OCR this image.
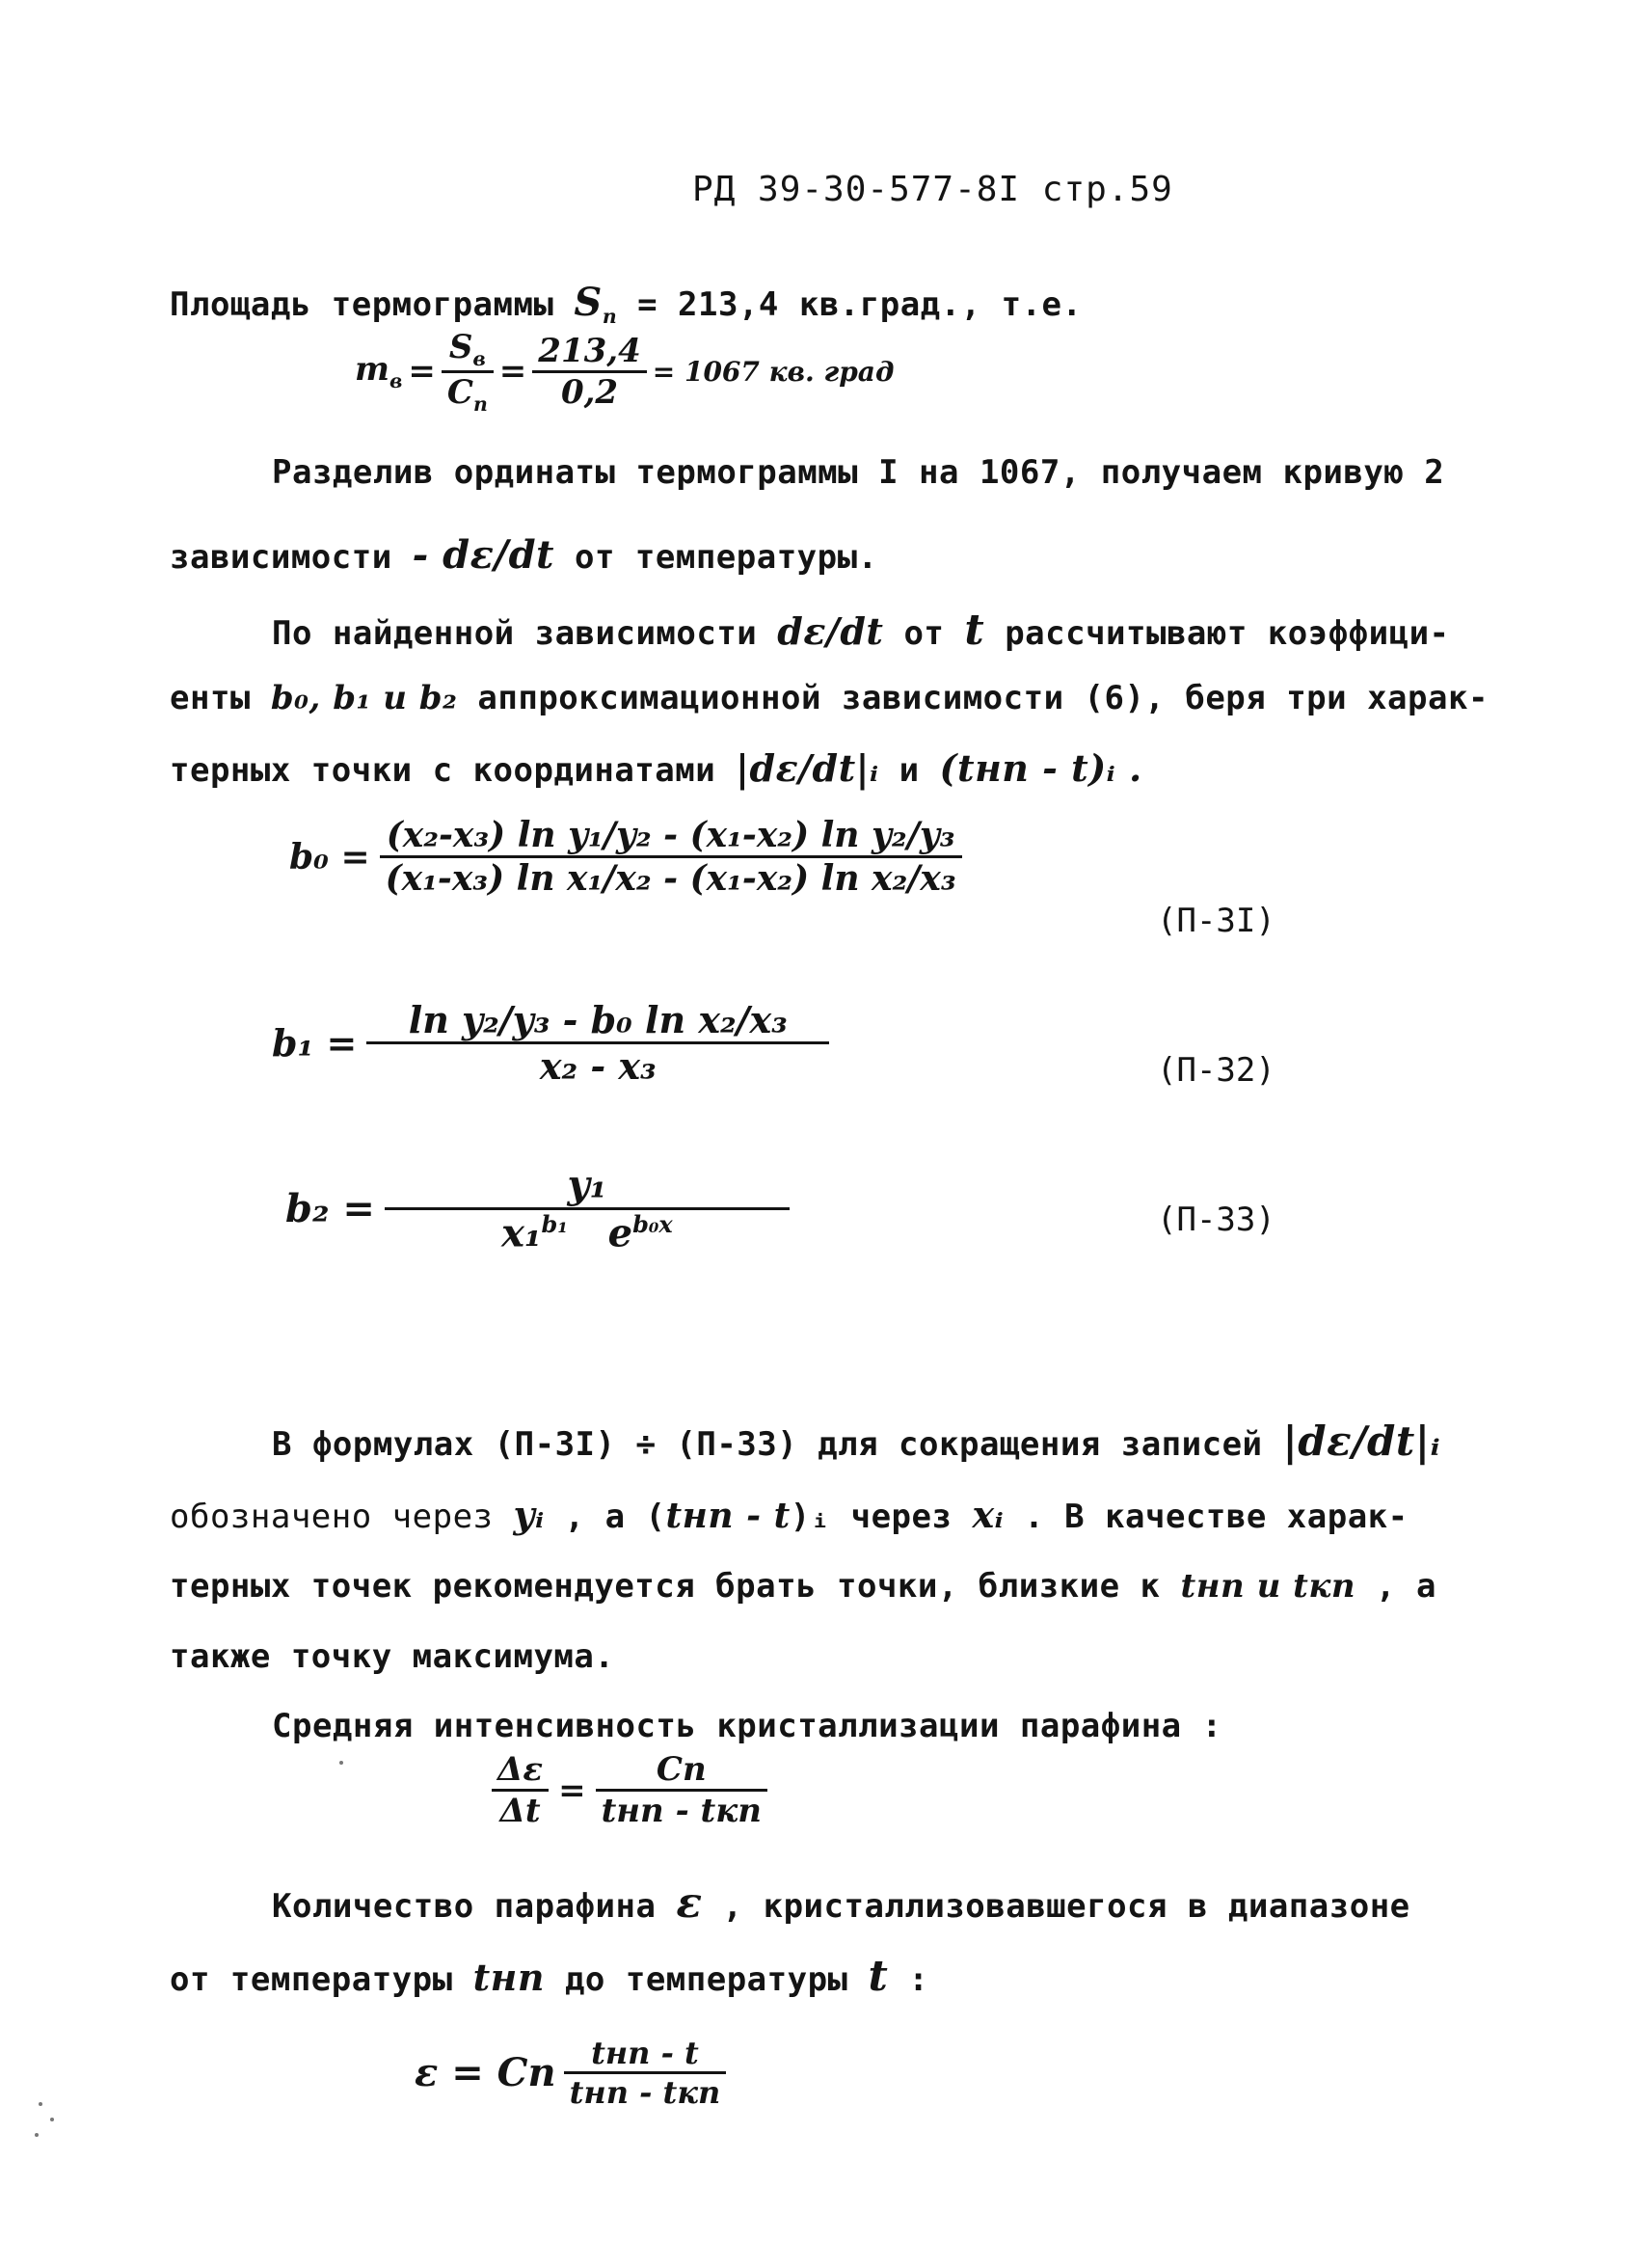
РД 39-30-577-8I стр.59
Площадь термограммы $S_п = 213,4$ кв.град., т.е.
$m_в = \frac{S_в}{C_п} = \frac{213,4}{0,2} = 1067$ кв. град
Разделив ординаты термограммы I на 1067, получаем кривую 2
зависимости - dε/dt от температуры.
По найденной зависимости dε/dt от t рассчитывают коэффици-
енты b₀, b₁ и b₂ аппроксимационной зависимости (6), беря три харак-
терных точки с координатами |dε/dt|ᵢ и (tнп - t)ᵢ .
$b_0 = \frac{\text{(x₂-x₃) ln y₁/y₂ - (x₁-x₂) ln y₂/y₃}}{\text{(x₁-x₃) ln x₁/x₂ - (x₁-x₂) ln x₂/x₃}}$
(П-3I)
$b_1 = \frac{\text{ln y₂/y₃ - b₀ ln x₂/x₃}}{\text{x₂ - x₃}}$	(П-32)
$b_2 = \frac{\text{y₁}}{x_1^{b_1} e^{b_0x}}$	(П-33)
В формулах (П-3I) ÷ (П-33) для сокращения записей |dε/dt|ᵢ
обозначено через yᵢ , а (tнп - t)ᵢ через xᵢ . В качестве харак-
терных точек рекомендуется брать точки, близкие к tнп и tкп , а
также точку максимума.
Средняя интенсивность кристаллизации парафина :
$\frac{\Delta\varepsilon}{\Delta t} = \frac{Cп}{\text{tнп - tкп}}$
Количество парафина ε , кристаллизовавшегося в диапазоне
от температуры tнп до температуры t :
ε = Cп $\frac{\text{tнп - t}}{\text{tнп - tкп}}$
